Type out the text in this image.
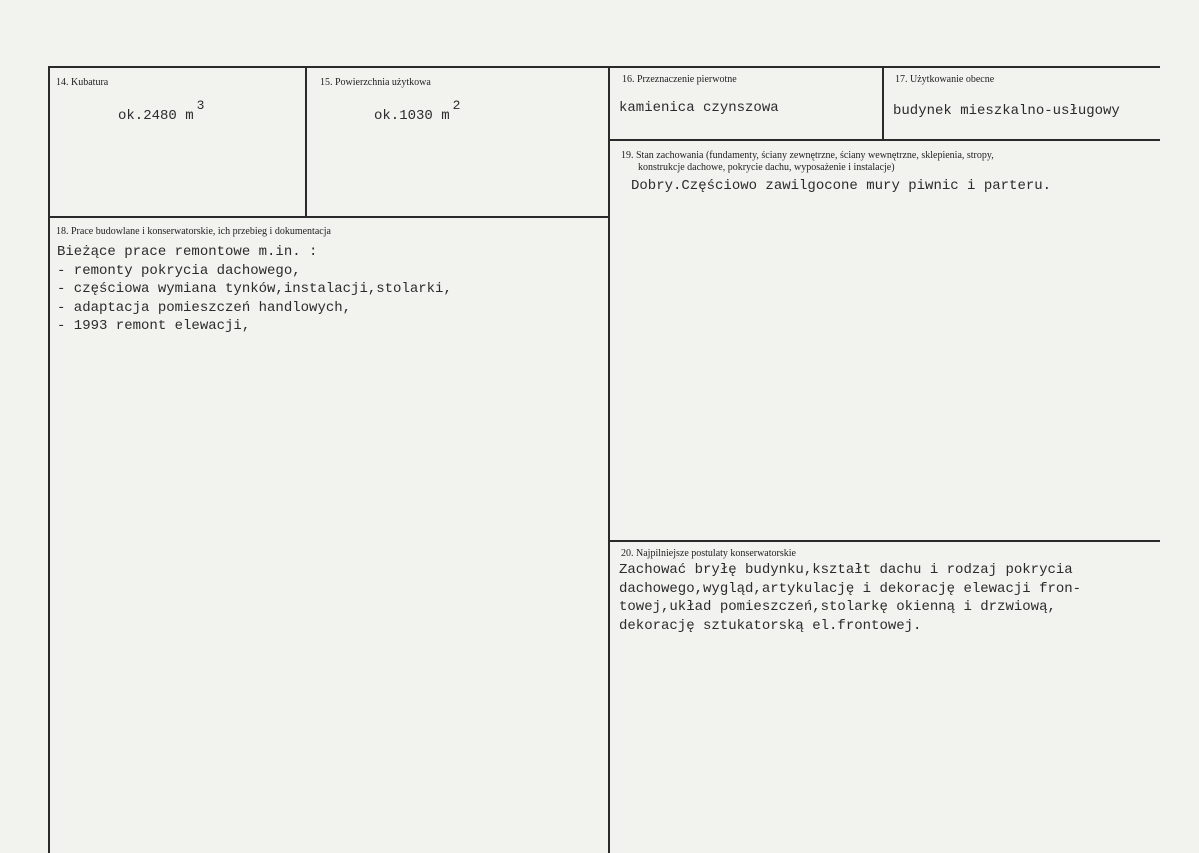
14. Kubatura
ok.2480 m3
15. Powierzchnia użytkowa
ok.1030 m2
16. Przeznaczenie pierwotne
kamienica czynszowa
17. Użytkowanie obecne
budynek mieszkalno-usługowy
18. Prace budowlane i konserwatorskie, ich przebieg i dokumentacja
Bieżące prace remontowe m.in. :
- remonty pokrycia dachowego,
- częściowa wymiana tynków,instalacji,stolarki,
- adaptacja pomieszczeń handlowych,
- 1993 remont elewacji,
19. Stan zachowania (fundamenty, ściany zewnętrzne, ściany wewnętrzne, sklepienia, stropy,
konstrukcje dachowe, pokrycie dachu, wyposażenie i instalacje)
Dobry.Częściowo zawilgocone mury piwnic i parteru.
20. Najpilniejsze postulaty konserwatorskie
Zachować bryłę budynku,kształt dachu i rodzaj pokrycia
dachowego,wygląd,artykulację i dekorację elewacji fron-
towej,układ pomieszczeń,stolarkę okienną i drzwiową,
dekorację sztukatorską el.frontowej.
